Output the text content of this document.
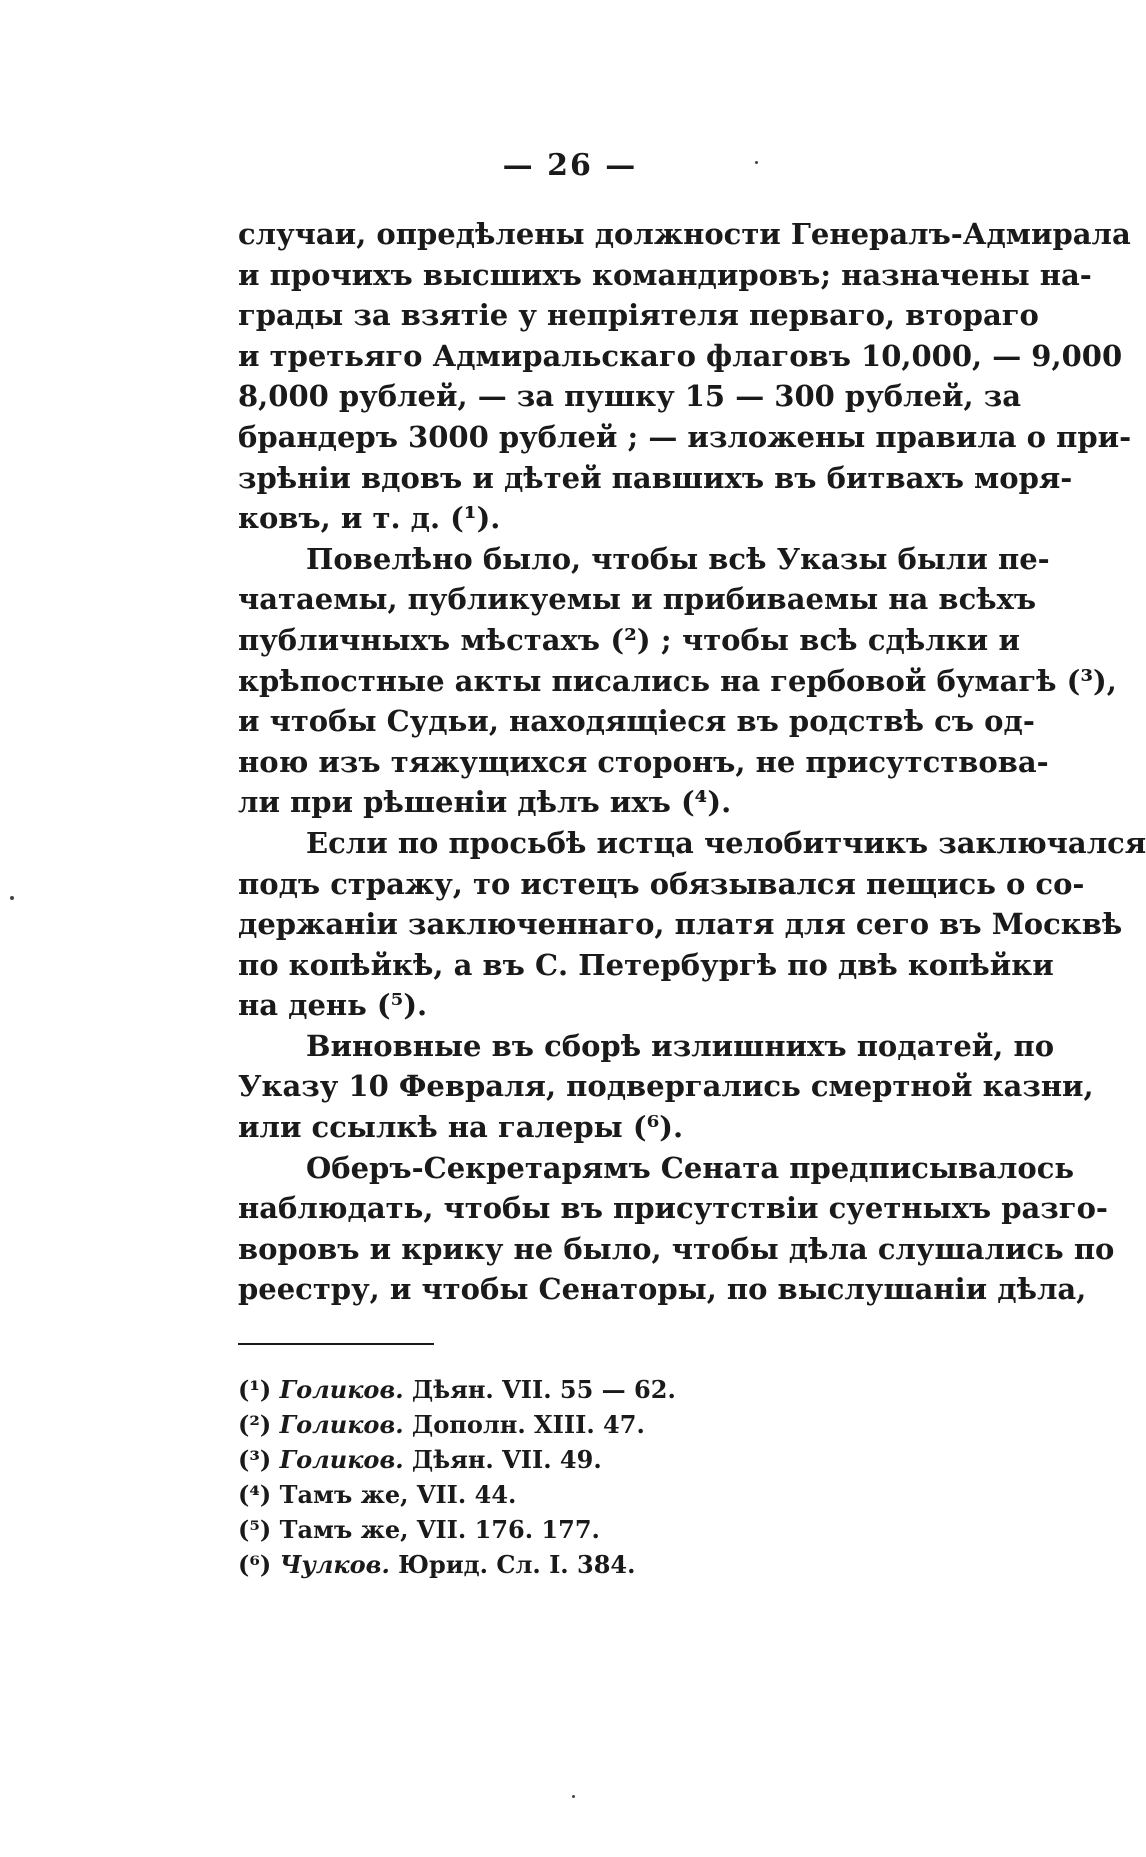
— 26 —
случаи, опредѣлены должности Генералъ-Адмирала
и прочихъ высшихъ командировъ; назначены на-
грады за взятіе у непріятеля перваго, втораго
и третьяго Адмиральскаго флаговъ 10,000, — 9,000
8,000 рублей, — за пушку 15 — 300 рублей, за
брандеръ 3000 рублей ; — изложены правила о при-
зрѣніи вдовъ и дѣтей павшихъ въ битвахъ моря-
ковъ, и т. д. (¹).
Повелѣно было, чтобы всѣ Указы были пе-
чатаемы, публикуемы и прибиваемы на всѣхъ
публичныхъ мѣстахъ (²) ; чтобы всѣ сдѣлки и
крѣпостные акты писались на гербовой бумагѣ (³),
и чтобы Судьи, находящіеся въ родствѣ съ од-
ною изъ тяжущихся сторонъ, не присутствова-
ли при рѣшеніи дѣлъ ихъ (⁴).
Если по просьбѣ истца челобитчикъ заключался
подъ стражу, то истецъ обязывался пещись о со-
держаніи заключеннаго, платя для сего въ Москвѣ
по копѣйкѣ, а въ С. Петербургѣ по двѣ копѣйки
на день (⁵).
Виновные въ сборѣ излишнихъ податей, по
Указу 10 Февраля, подвергались смертной казни,
или ссылкѣ на галеры (⁶).
Оберъ-Секретарямъ Сената предписывалось
наблюдать, чтобы въ присутствіи суетныхъ разго-
воровъ и крику не было, чтобы дѣла слушались по
реестру, и чтобы Сенаторы, по выслушаніи дѣла,
(¹) Голиков. Дѣян. VII. 55 — 62.
(²) Голиков. Дополн. XIII. 47.
(³) Голиков. Дѣян. VII. 49.
(⁴) Тамъ же, VII. 44.
(⁵) Тамъ же, VII. 176. 177.
(⁶) Чулков. Юрид. Сл. I. 384.
